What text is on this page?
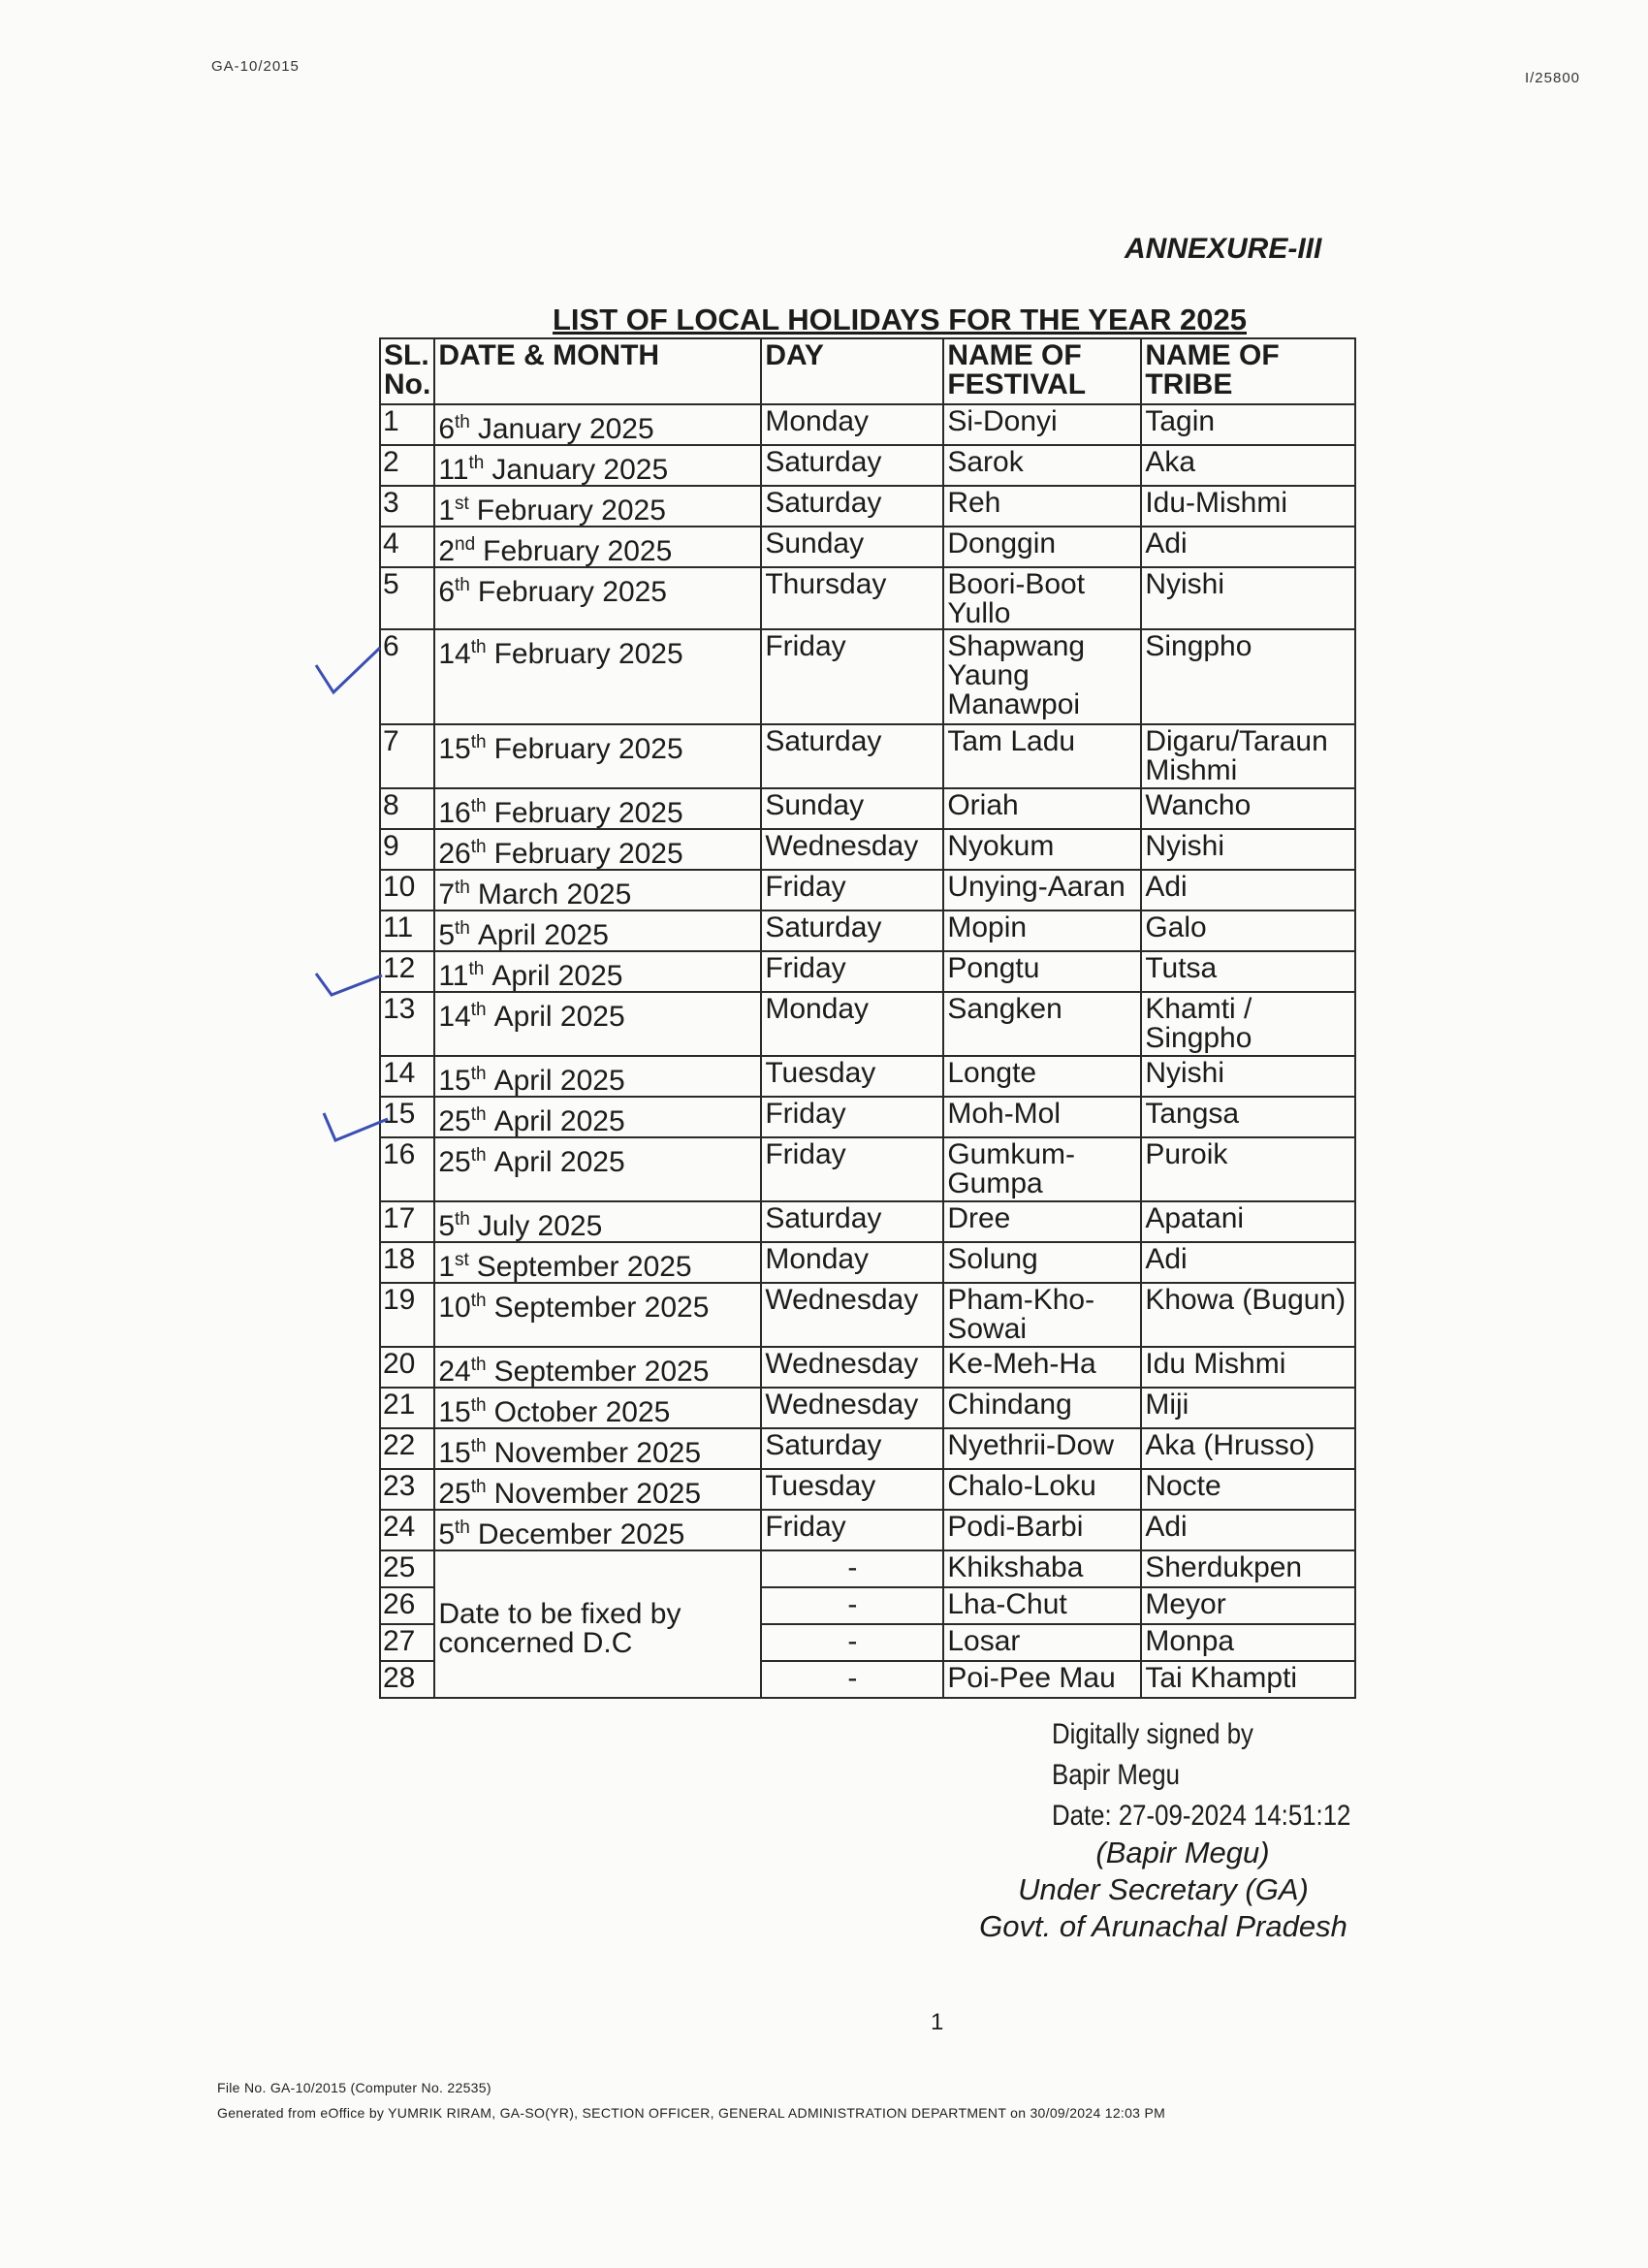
GA-10/2015
I/25800
ANNEXURE-III
LIST OF LOCAL HOLIDAYS FOR THE YEAR 2025
SL. No.	DATE & MONTH	DAY	NAME OF FESTIVAL	NAME OF TRIBE
1	6th January 2025	Monday	Si-Donyi	Tagin
2	11th January 2025	Saturday	Sarok	Aka
3	1st February 2025	Saturday	Reh	Idu-Mishmi
4	2nd February 2025	Sunday	Donggin	Adi
5	6th February 2025	Thursday	Boori-Boot Yullo	Nyishi
6	14th February 2025	Friday	Shapwang Yaung Manawpoi	Singpho
7	15th February 2025	Saturday	Tam Ladu	Digaru/Taraun Mishmi
8	16th February 2025	Sunday	Oriah	Wancho
9	26th February 2025	Wednesday	Nyokum	Nyishi
10	7th March 2025	Friday	Unying-Aaran	Adi
11	5th April 2025	Saturday	Mopin	Galo
12	11th April 2025	Friday	Pongtu	Tutsa
13	14th April 2025	Monday	Sangken	Khamti / Singpho
14	15th April 2025	Tuesday	Longte	Nyishi
15	25th April 2025	Friday	Moh-Mol	Tangsa
16	25th April 2025	Friday	Gumkum-Gumpa	Puroik
17	5th July 2025	Saturday	Dree	Apatani
18	1st September 2025	Monday	Solung	Adi
19	10th September 2025	Wednesday	Pham-Kho-Sowai	Khowa (Bugun)
20	24th September 2025	Wednesday	Ke-Meh-Ha	Idu Mishmi
21	15th October 2025	Wednesday	Chindang	Miji
22	15th November 2025	Saturday	Nyethrii-Dow	Aka (Hrusso)
23	25th November 2025	Tuesday	Chalo-Loku	Nocte
24	5th December 2025	Friday	Podi-Barbi	Adi
25	Date to be fixed by concerned D.C	-	Khikshaba	Sherdukpen
26		-	Lha-Chut	Meyor
27		-	Losar	Monpa
28		-	Poi-Pee Mau	Tai Khampti
Digitally signed by
Bapir Megu
Date: 27-09-2024 14:51:12
(Bapir Megu)
Under Secretary (GA)
Govt. of Arunachal Pradesh
1
File No. GA-10/2015 (Computer No. 22535)
Generated from eOffice by YUMRIK RIRAM, GA-SO(YR), SECTION OFFICER, GENERAL ADMINISTRATION DEPARTMENT on 30/09/2024 12:03 PM
